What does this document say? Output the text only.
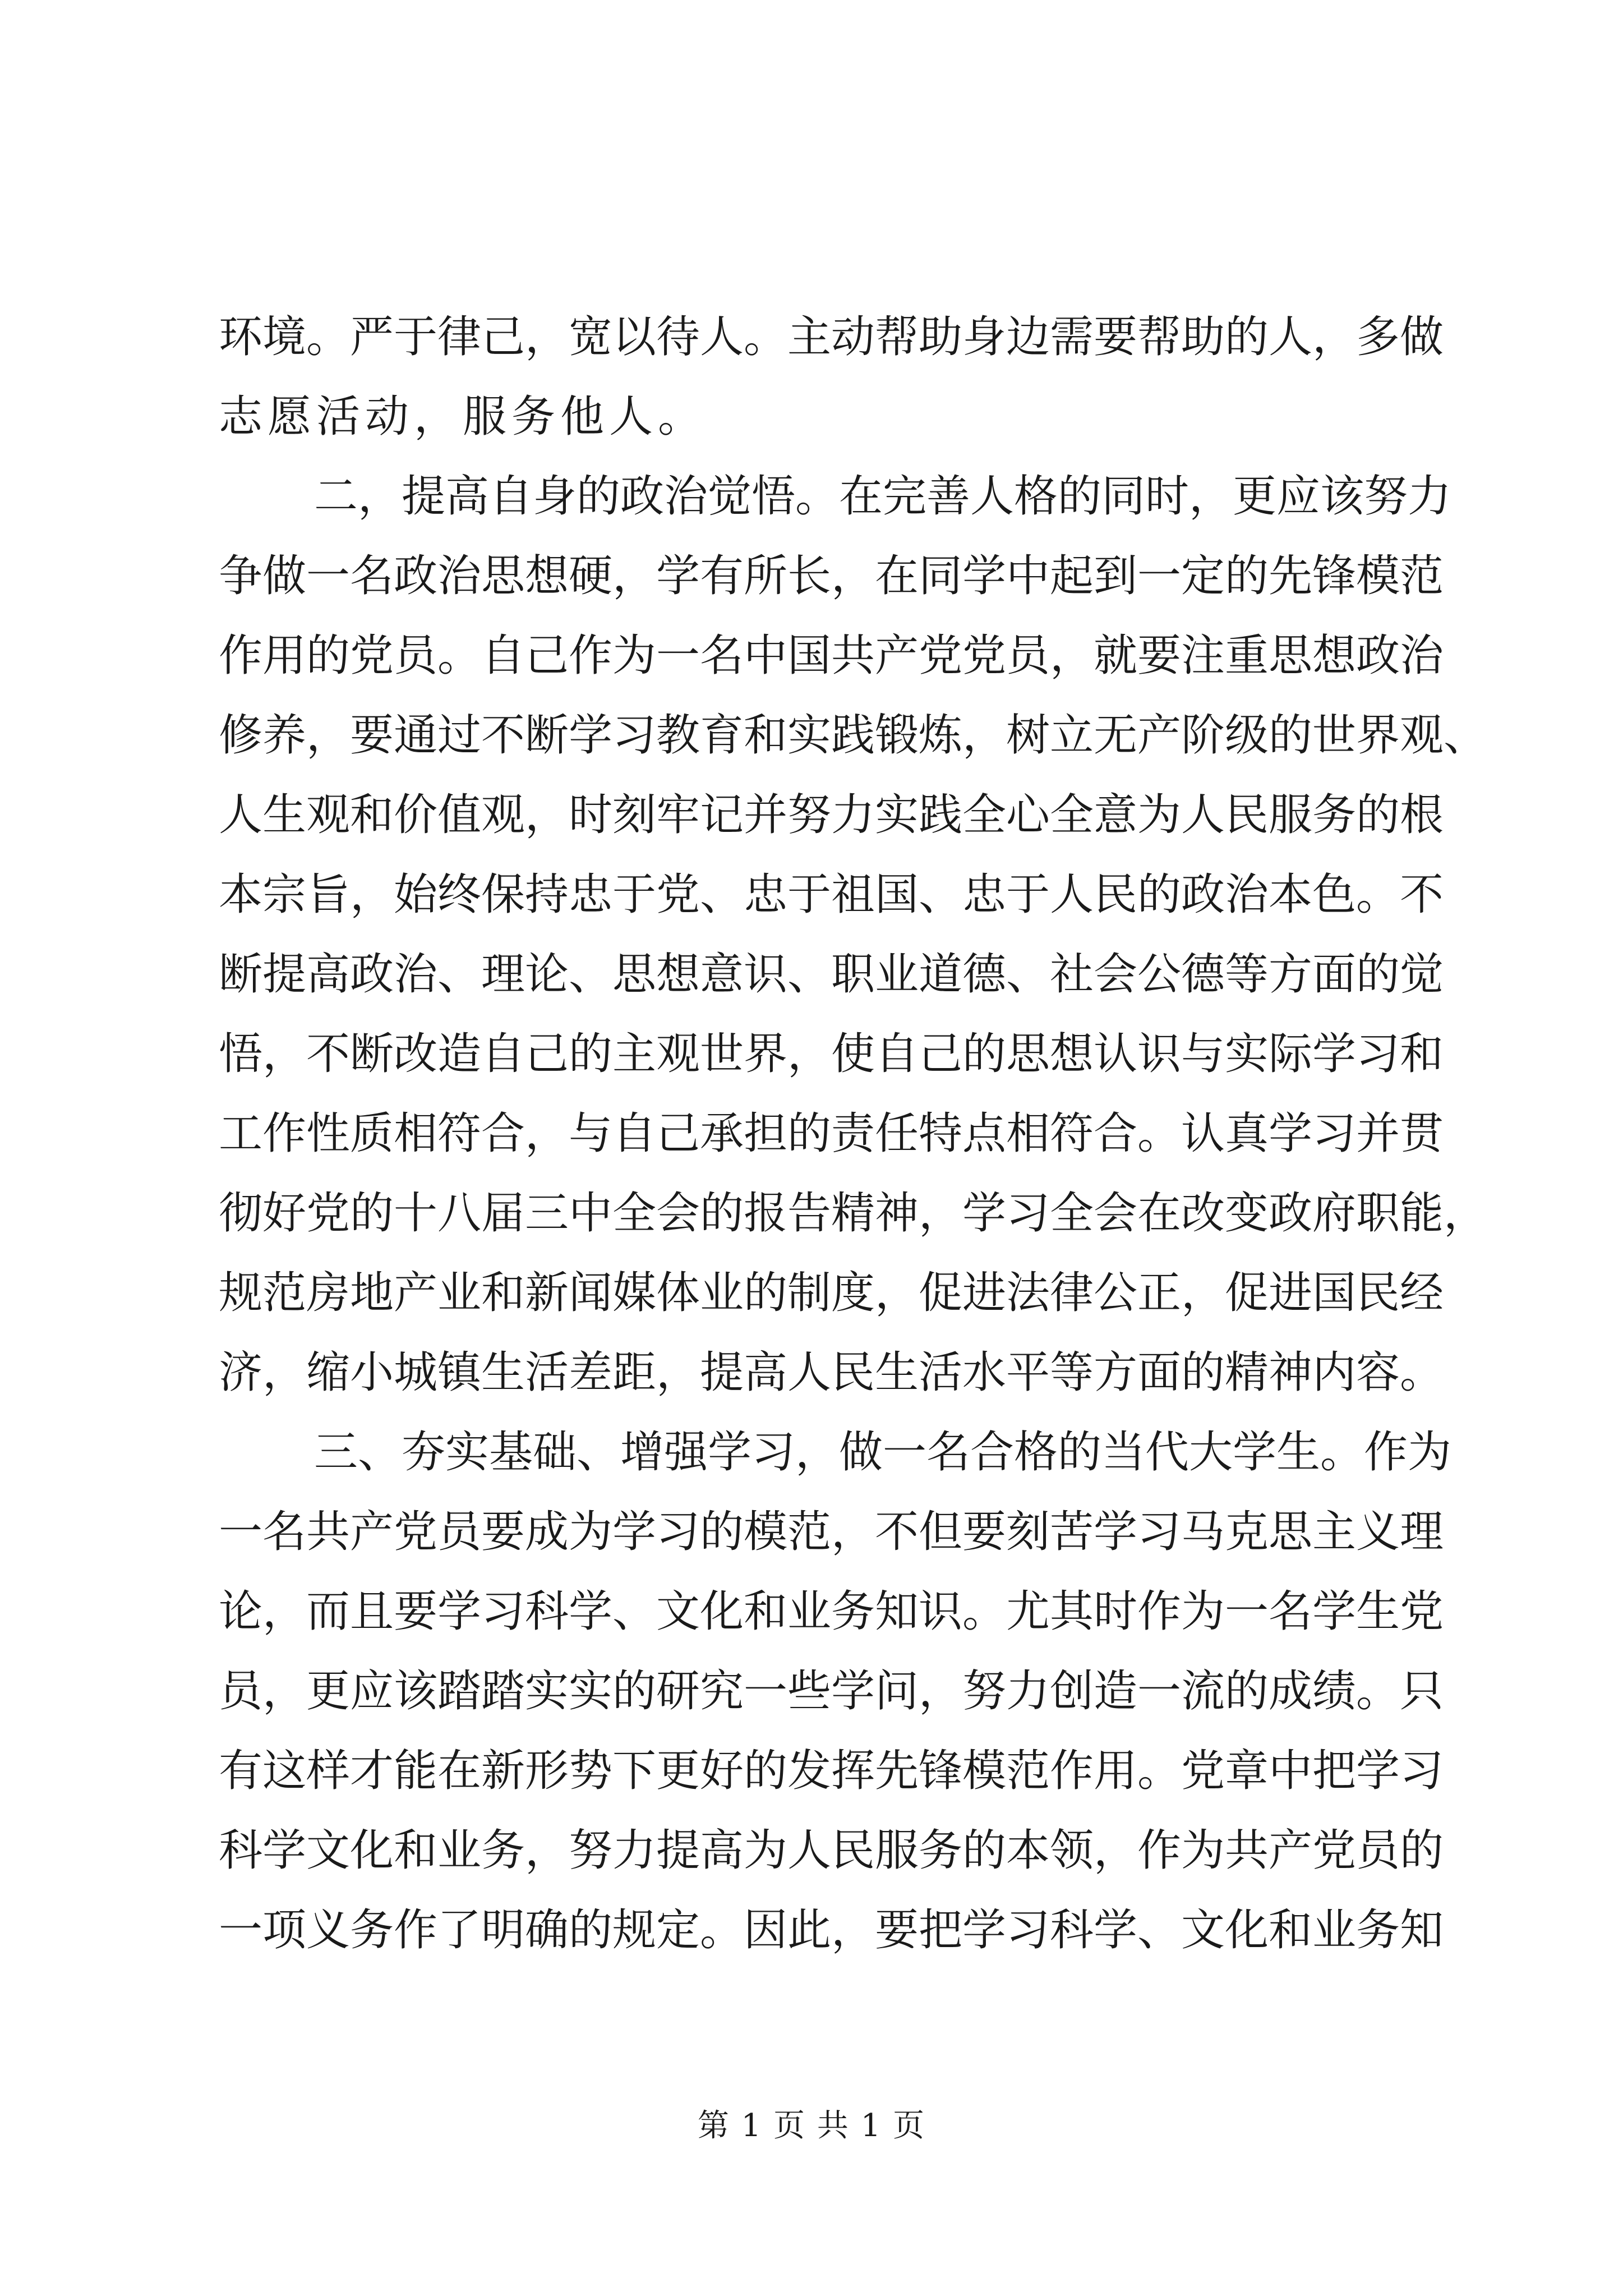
环境。严于律己，宽以待人。主动帮助身边需要帮助的人，多做
志愿活动，服务他人。
二，提高自身的政治觉悟。在完善人格的同时，更应该努力
争做一名政治思想硬，学有所长，在同学中起到一定的先锋模范
作用的党员。自己作为一名中国共产党党员，就要注重思想政治
修养，要通过不断学习教育和实践锻炼，树立无产阶级的世界观、
人生观和价值观，时刻牢记并努力实践全心全意为人民服务的根
本宗旨，始终保持忠于党、忠于祖国、忠于人民的政治本色。不
断提高政治、理论、思想意识、职业道德、社会公德等方面的觉
悟，不断改造自己的主观世界，使自己的思想认识与实际学习和
工作性质相符合，与自己承担的责任特点相符合。认真学习并贯
彻好党的十八届三中全会的报告精神，学习全会在改变政府职能，
规范房地产业和新闻媒体业的制度，促进法律公正，促进国民经
济，缩小城镇生活差距，提高人民生活水平等方面的精神内容。
三、夯实基础、增强学习，做一名合格的当代大学生。作为
一名共产党员要成为学习的模范，不但要刻苦学习马克思主义理
论，而且要学习科学、文化和业务知识。尤其时作为一名学生党
员，更应该踏踏实实的研究一些学问，努力创造一流的成绩。只
有这样才能在新形势下更好的发挥先锋模范作用。党章中把学习
科学文化和业务，努力提高为人民服务的本领，作为共产党员的
一项义务作了明确的规定。因此，要把学习科学、文化和业务知
第 1 页 共 1 页
